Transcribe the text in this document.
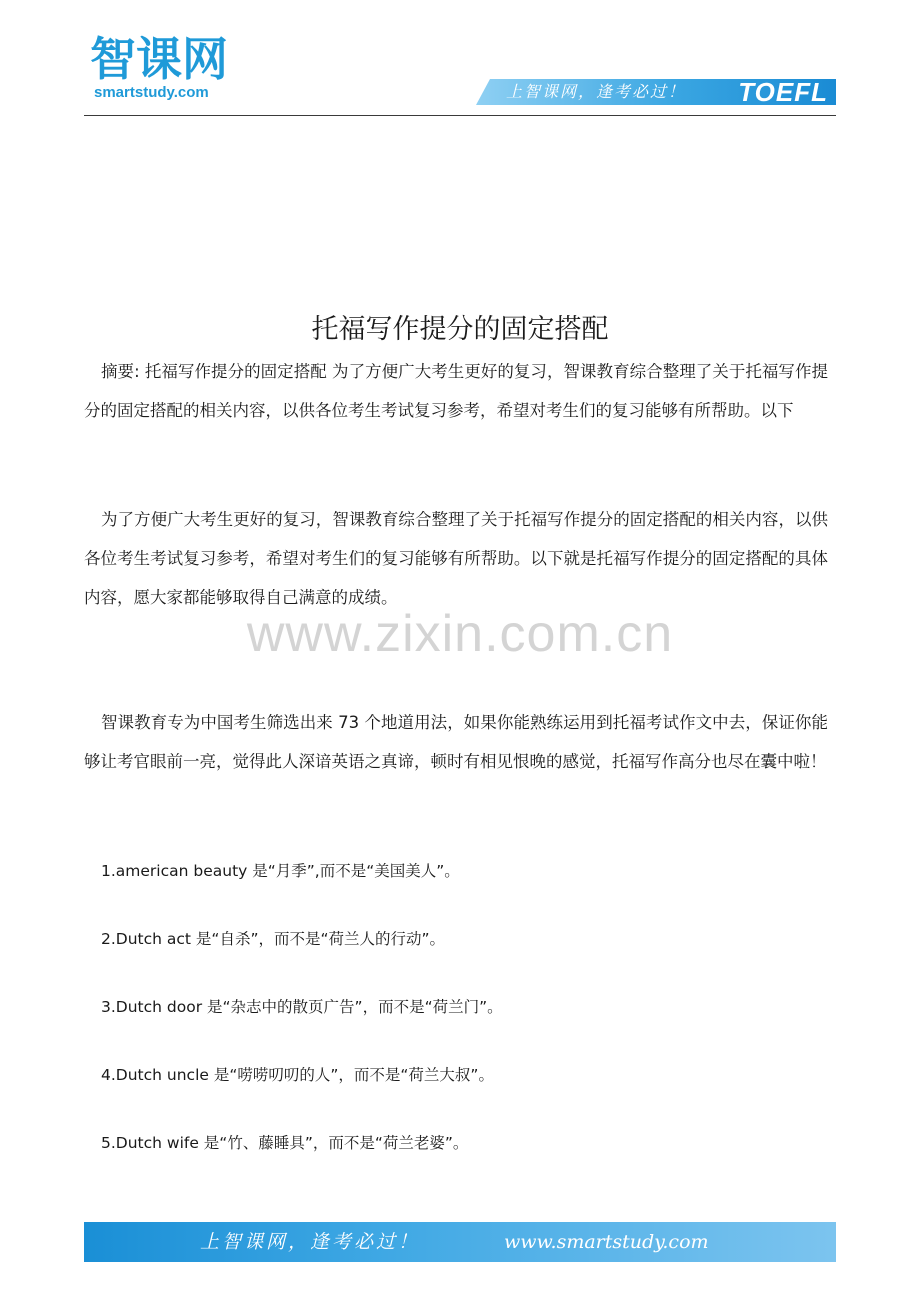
智课网
smartstudy.com	上智课网，逢考必过！ TOEFL
托福写作提分的固定搭配
摘要: 托福写作提分的固定搭配 为了方便广大考生更好的复习，智课教育综合整理了关于托福写作提分的固定搭配的相关内容，以供各位考生考试复习参考，希望对考生们的复习能够有所帮助。以下
为了方便广大考生更好的复习，智课教育综合整理了关于托福写作提分的固定搭配的相关内容，以供各位考生考试复习参考，希望对考生们的复习能够有所帮助。以下就是托福写作提分的固定搭配的具体内容，愿大家都能够取得自己满意的成绩。
www.zixin.com.cn
智课教育专为中国考生筛选出来 73 个地道用法，如果你能熟练运用到托福考试作文中去，保证你能够让考官眼前一亮，觉得此人深谙英语之真谛，顿时有相见恨晚的感觉，托福写作高分也尽在囊中啦！
1.american beauty 是“月季”,而不是“美国美人”。
2.Dutch act 是“自杀”，而不是“荷兰人的行动”。
3.Dutch door 是“杂志中的散页广告”，而不是“荷兰门”。
4.Dutch uncle 是“唠唠叨叨的人”，而不是“荷兰大叔”。
5.Dutch wife 是“竹、藤睡具”，而不是“荷兰老婆”。
上智课网，逢考必过！	www.smartstudy.com
